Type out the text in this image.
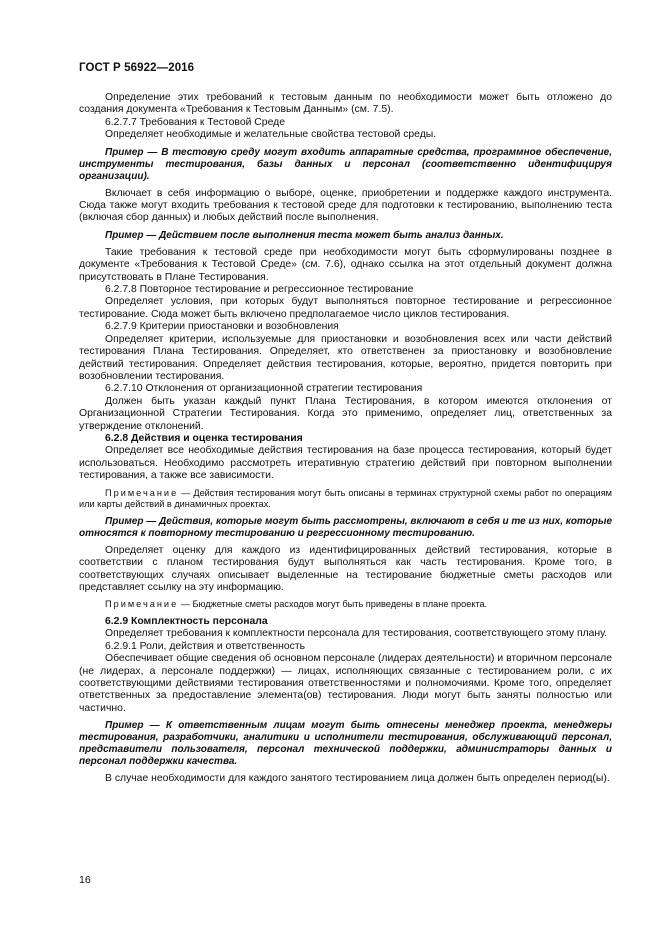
ГОСТ Р 56922—2016

Определение этих требований к тестовым данным по необходимости может быть отложено до создания документа «Требования к Тестовым Данным» (см. 7.5).

6.2.7.7 Требования к Тестовой Среде

Определяет необходимые и желательные свойства тестовой среды.

Пример — В тестовую среду могут входить аппаратные средства, программное обеспечение, инструменты тестирования, базы данных и персонал (соответственно идентифицируя организации).

Включает в себя информацию о выборе, оценке, приобретении и поддержке каждого инструмента. Сюда также могут входить требования к тестовой среде для подготовки к тестированию, выполнению теста (включая сбор данных) и любых действий после выполнения.

Пример — Действием после выполнения теста может быть анализ данных.

Такие требования к тестовой среде при необходимости могут быть сформулированы позднее в документе «Требования к Тестовой Среде» (см. 7.6), однако ссылка на этот отдельный документ должна присутствовать в Плане Тестирования.

6.2.7.8 Повторное тестирование и регрессионное тестирование

Определяет условия, при которых будут выполняться повторное тестирование и регрессионное тестирование. Сюда может быть включено предполагаемое число циклов тестирования.

6.2.7.9 Критерии приостановки и возобновления

Определяет критерии, используемые для приостановки и возобновления всех или части действий тестирования Плана Тестирования. Определяет, кто ответственен за приостановку и возобновление действий тестирования. Определяет действия тестирования, которые, вероятно, придется повторить при возобновлении тестирования.

6.2.7.10 Отклонения от организационной стратегии тестирования

Должен быть указан каждый пункт Плана Тестирования, в котором имеются отклонения от Организационной Стратегии Тестирования. Когда это применимо, определяет лиц, ответственных за утверждение отклонений.

6.2.8 Действия и оценка тестирования

Определяет все необходимые действия тестирования на базе процесса тестирования, который будет использоваться. Необходимо рассмотреть итеративную стратегию действий при повторном выполнении тестирования, а также все зависимости.

Примечание — Действия тестирования могут быть описаны в терминах структурной схемы работ по операциям или карты действий в динамичных проектах.

Пример — Действия, которые могут быть рассмотрены, включают в себя и те из них, которые относятся к повторному тестированию и регрессионному тестированию.

Определяет оценку для каждого из идентифицированных действий тестирования, которые в соответствии с планом тестирования будут выполняться как часть тестирования. Кроме того, в соответствующих случаях описывает выделенные на тестирование бюджетные сметы расходов или представляет ссылку на эту информацию.

Примечание — Бюджетные сметы расходов могут быть приведены в плане проекта.

6.2.9 Комплектность персонала

Определяет требования к комплектности персонала для тестирования, соответствующего этому плану.

6.2.9.1 Роли, действия и ответственность

Обеспечивает общие сведения об основном персонале (лидерах деятельности) и вторичном персонале (не лидерах, а персонале поддержки) — лицах, исполняющих связанные с тестированием роли, с их соответствующими действиями тестирования ответственностями и полномочиями. Кроме того, определяет ответственных за предоставление элемента(ов) тестирования. Люди могут быть заняты полностью или частично.

Пример — К ответственным лицам могут быть отнесены менеджер проекта, менеджеры тестирования, разработчики, аналитики и исполнители тестирования, обслуживающий персонал, представители пользователя, персонал технической поддержки, администраторы данных и персонал поддержки качества.

В случае необходимости для каждого занятого тестированием лица должен быть определен период(ы).

16
